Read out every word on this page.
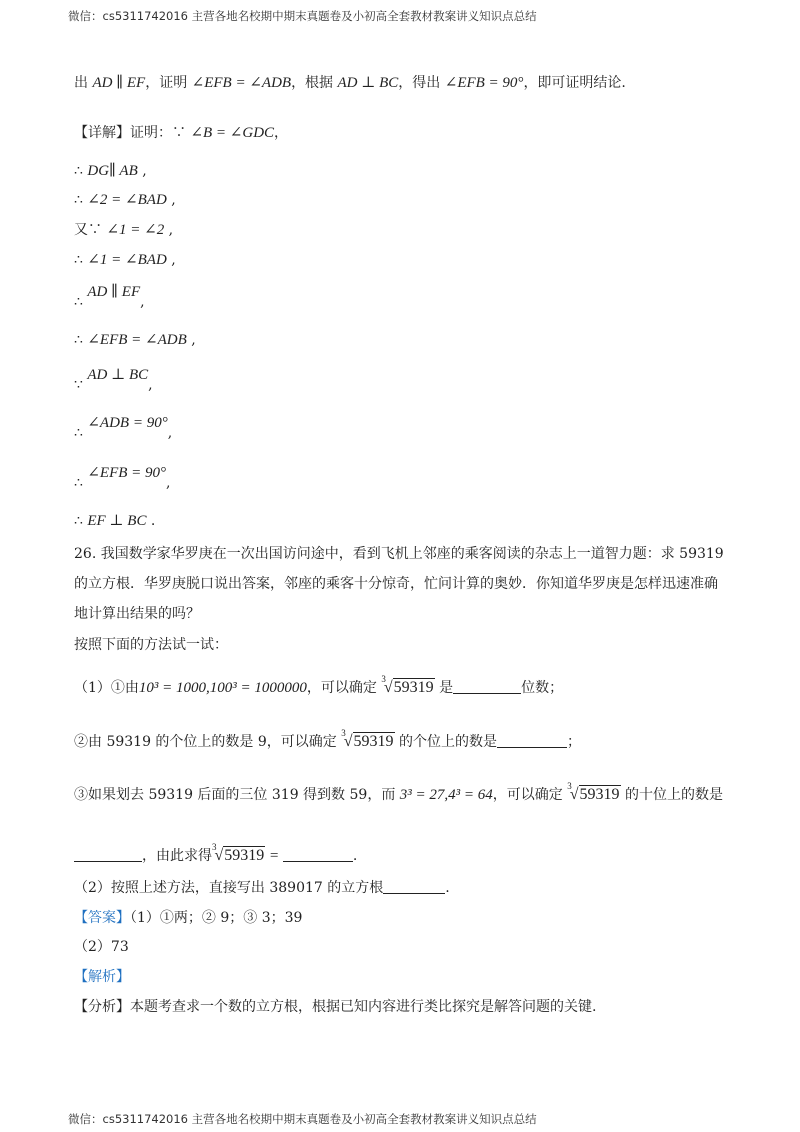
微信：cs5311742016 主营各地名校期中期末真题卷及小初高全套教材教案讲义知识点总结
出 AD ∥ EF，证明 ∠EFB = ∠ADB，根据 AD ⊥ BC，得出 ∠EFB = 90°，即可证明结论.
【详解】证明：∵ ∠B = ∠GDC，
∴ DG∥ AB ,
∴ ∠2 = ∠BAD ,
又∵ ∠1 = ∠2 ,
∴ ∠1 = ∠BAD ,
∴ AD ∥ EF,
∴ ∠EFB = ∠ADB ,
∵ AD ⊥ BC,
∴ ∠ADB = 90°,
∴ ∠EFB = 90°,
∴ EF ⊥ BC .
26. 我国数学家华罗庚在一次出国访问途中，看到飞机上邻座的乘客阅读的杂志上一道智力题：求 59319
的立方根．华罗庚脱口说出答案，邻座的乘客十分惊奇，忙问计算的奥妙．你知道华罗庚是怎样迅速准确
地计算出结果的吗？
按照下面的方法试一试：
（1）①由10³ = 1000,100³ = 1000000，可以确定 $^3$√59319 是	位数；
②由 59319 的个位上的数是 9，可以确定 $^3$√59319 的个位上的数是	；
③如果划去 59319 后面的三位 319 得到数 59，而 3³ = 27,4³ = 64，可以确定 $^3$√59319 的十位上的数是
，由此求得$^3$√59319 =	.
（2）按照上述方法，直接写出 389017 的立方根	.
【答案】（1）①两；② 9；③ 3；39
（2）73
【解析】
【分析】本题考查求一个数的立方根，根据已知内容进行类比探究是解答问题的关键.
微信：cs5311742016 主营各地名校期中期末真题卷及小初高全套教材教案讲义知识点总结
